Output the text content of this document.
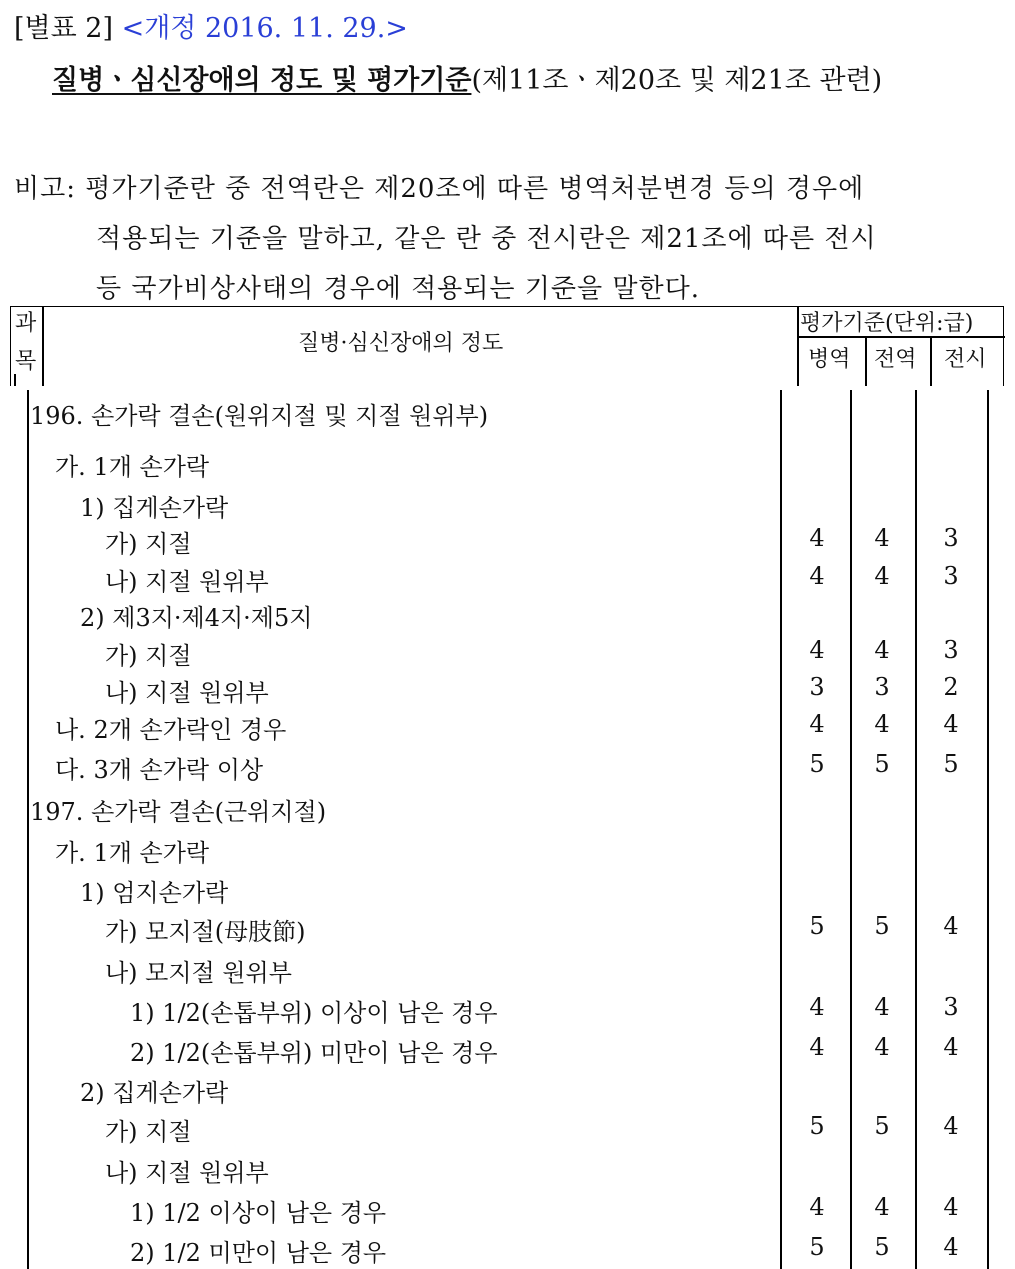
[별표 2] <개정 2016. 11. 29.>
질병ㆍ심신장애의 정도 및 평가기준(제11조ㆍ제20조 및 제21조 관련)
비고: 평가기준란 중 전역란은 제20조에 따른 병역처분변경 등의 경우에
적용되는 기준을 말하고, 같은 란 중 전시란은 제21조에 따른 전시
등 국가비상사태의 경우에 적용되는 기준을 말한다.
과
목
질병·심신장애의 정도
평가기준(단위:급)
병역 전역 전시
196. 손가락 결손(원위지절 및 지절 원위부)
가. 1개 손가락
1) 집게손가락
가) 지절	4	4	3
나) 지절 원위부	4	4	3
2) 제3지·제4지·제5지
가) 지절	4	4	3
나) 지절 원위부	3	3	2
나. 2개 손가락인 경우	4	4	4
다. 3개 손가락 이상	5	5	5
197. 손가락 결손(근위지절)
가. 1개 손가락
1) 엄지손가락
가) 모지절(母肢節)	5	5	4
나) 모지절 원위부
1) 1/2(손톱부위) 이상이 남은 경우	4	4	3
2) 1/2(손톱부위) 미만이 남은 경우	4	4	4
2) 집게손가락
가) 지절	5	5	4
나) 지절 원위부
1) 1/2 이상이 남은 경우	4	4	4
2) 1/2 미만이 남은 경우	5	5	4
